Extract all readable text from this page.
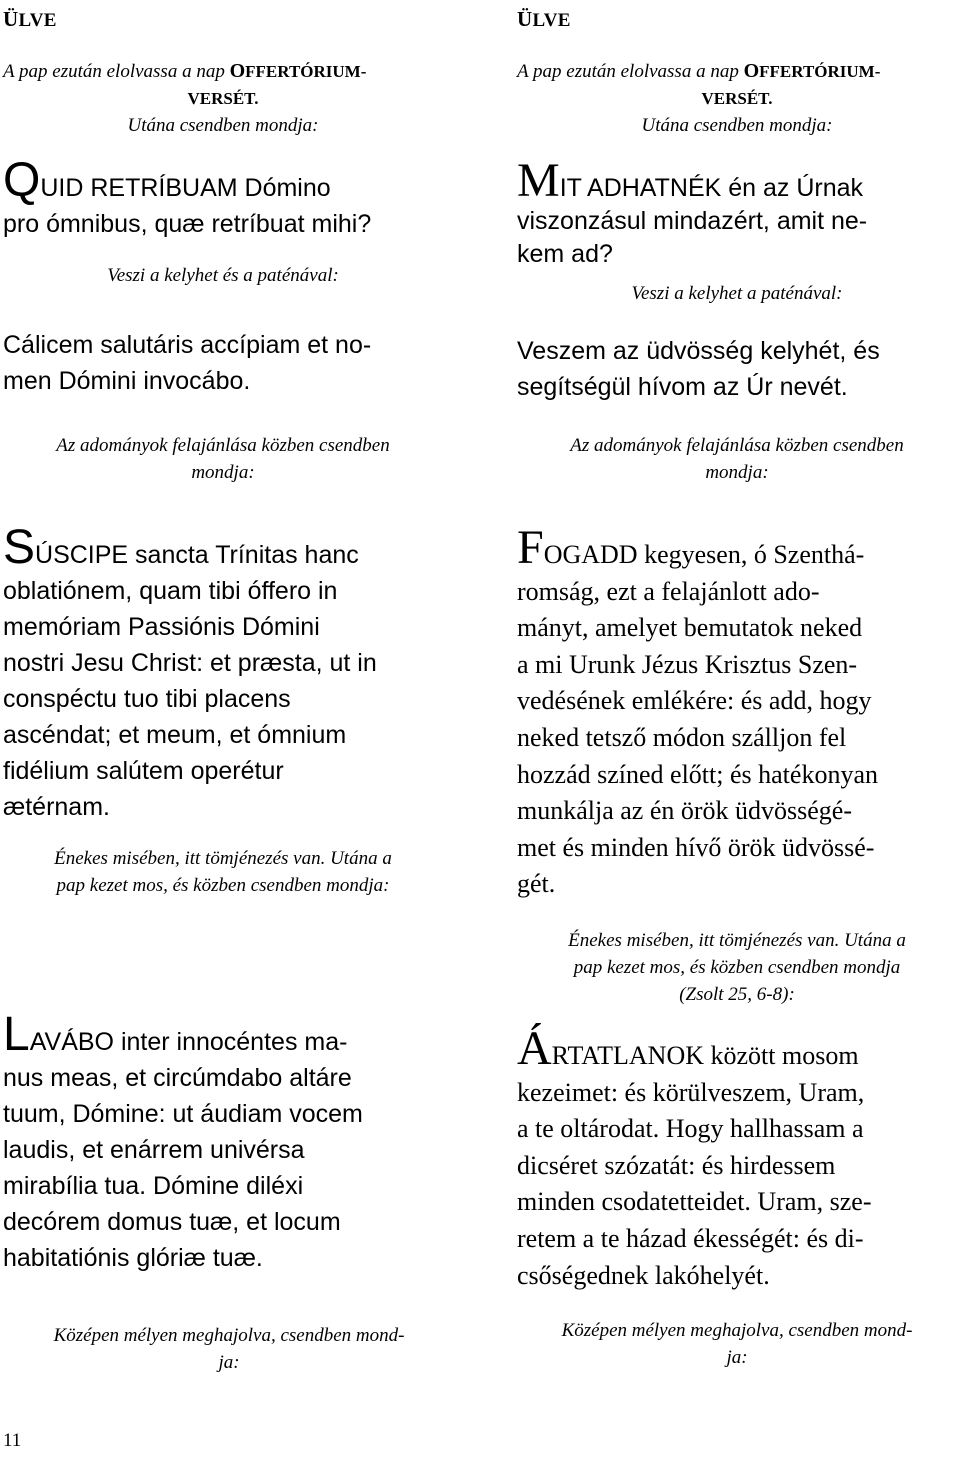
ÜLVE
A pap ezután elolvassa a nap OFFERTÓRIUM-
VERSÉT.
Utána csendben mondja:
QUID RETRÍBUAM Dómino
pro ómnibus, quæ retríbuat mihi?
Veszi a kelyhet és a paténával:
Cálicem salutáris accípiam et no-
men Dómini invocábo.
Az adományok felajánlása közben csendben
mondja:
SÚSCIPE sancta Trínitas hanc
oblatiónem, quam tibi óffero in
memóriam Passiónis Dómini
nostri Jesu Christ: et præsta, ut in
conspéctu tuo tibi placens
ascéndat; et meum, et ómnium
fidélium salútem operétur
ætérnam.
Énekes misében, itt tömjénezés van. Utána a
pap kezet mos, és közben csendben mondja:
LAVÁBO inter innocéntes ma-
nus meas, et circúmdabo altáre
tuum, Dómine: ut áudiam vocem
laudis, et enárrem univérsa
mirabília tua. Dómine diléxi
decórem domus tuæ, et locum
habitatiónis glóriæ tuæ.
Középen mélyen meghajolva, csendben mond-
ja:
11
ÜLVE
A pap ezután elolvassa a nap OFFERTÓRIUM-
VERSÉT.
Utána csendben mondja:
MIT ADHATNÉK én az Úrnak
viszonzásul mindazért, amit ne-
kem ad?
Veszi a kelyhet a paténával:
Veszem az üdvösség kelyhét, és
segítségül hívom az Úr nevét.
Az adományok felajánlása közben csendben
mondja:
FOGADD kegyesen, ó Szenthá-
romság, ezt a felajánlott ado-
mányt, amelyet bemutatok neked
a mi Urunk Jézus Krisztus Szen-
vedésének emlékére: és add, hogy
neked tetsző módon szálljon fel
hozzád színed előtt; és hatékonyan
munkálja az én örök üdvösségé-
met és minden hívő örök üdvössé-
gét.
Énekes misében, itt tömjénezés van. Utána a
pap kezet mos, és közben csendben mondja
(Zsolt 25, 6-8):
ÁRTATLANOK között mosom
kezeimet: és körülveszem, Uram,
a te oltárodat. Hogy hallhassam a
dicséret szózatát: és hirdessem
minden csodatetteidet. Uram, sze-
retem a te házad ékességét: és di-
csőségednek lakóhelyét.
Középen mélyen meghajolva, csendben mond-
ja:
